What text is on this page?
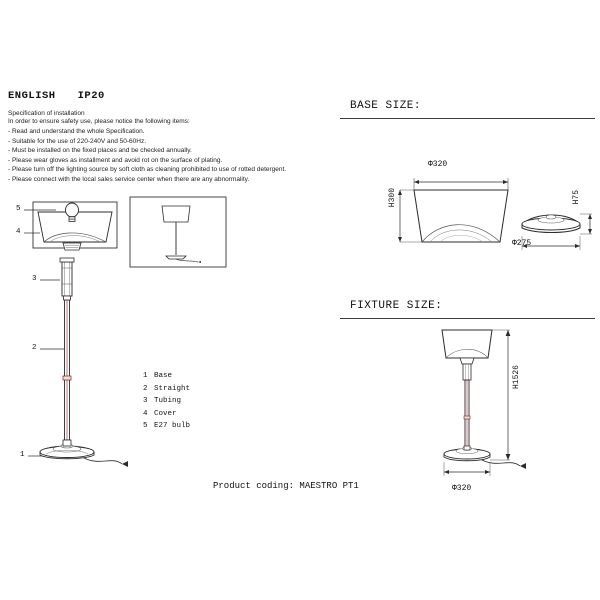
ENGLISH IP20
Specification of installation
In order to ensure safety use, please notice the following items:
- Read and understand the whole Specification.
- Suitable for the use of 220-240V and 50-60Hz.
- Must be installed on the fixed places and be checked annually.
- Please wear gloves as installment and avoid rot on the surface of plating.
- Please turn off the lighting source by soft cloth as cleaning prohibited to use of rotted detergent.
- Please connect with the local sales service center when there are any abnormality.
5
4
3
2
1
1 Base
2 Straight
3 Tubing
4 Cover
5 E27 bulb
Product coding: MAESTRO PT1
BASE SIZE:
Φ320
H300	H75
Φ275
FIXTURE SIZE:
H1526
Φ320
